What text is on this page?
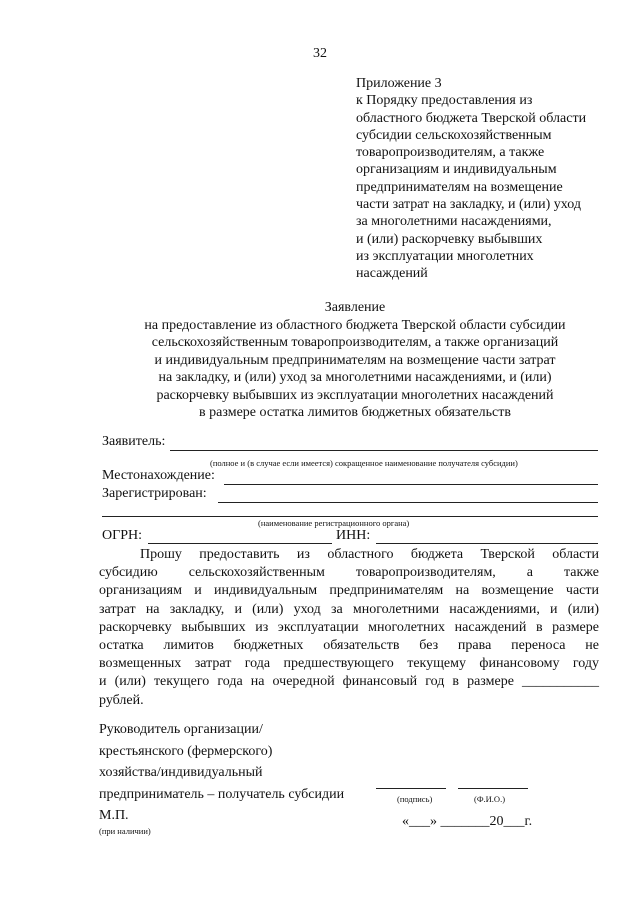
32
Приложение 3
к Порядку предоставления из
областного бюджета Тверской области
субсидии сельскохозяйственным
товаропроизводителям, а также
организациям и индивидуальным
предпринимателям на возмещение
части затрат на закладку, и (или) уход
за многолетними насаждениями,
и (или) раскорчевку выбывших
из эксплуатации многолетних
насаждений
Заявление
на предоставление из областного бюджета Тверской области субсидии
сельскохозяйственным товаропроизводителям, а также организаций
и индивидуальным предпринимателям на возмещение части затрат
на закладку, и (или) уход за многолетними насаждениями, и (или)
раскорчевку выбывших из эксплуатации многолетних насаждений
в размере остатка лимитов бюджетных обязательств
Заявитель:
(полное и (в случае если имеется) сокращенное наименование получателя субсидии)
Местонахождение:
Зарегистрирован:
(наименование регистрационного органа)
ОГРН:	ИНН:
Прошу предоставить из областного бюджета Тверской области
субсидию сельскохозяйственным товаропроизводителям, а также
организациям и индивидуальным предпринимателям на возмещение части
затрат на закладку, и (или) уход за многолетними насаждениями, и (или)
раскорчевку выбывших из эксплуатации многолетних насаждений в размере
остатка лимитов бюджетных обязательств без права переноса не
возмещенных затрат года предшествующего текущему финансовому году
и (или) текущего года на очередной финансовый год в размере ___________
рублей.
Руководитель организации/
крестьянского (фермерского)
хозяйства/индивидуальный
предприниматель – получатель субсидии	(подпись)	(Ф.И.О.)
М.П.
(при наличии)
«___» _______20___г.
